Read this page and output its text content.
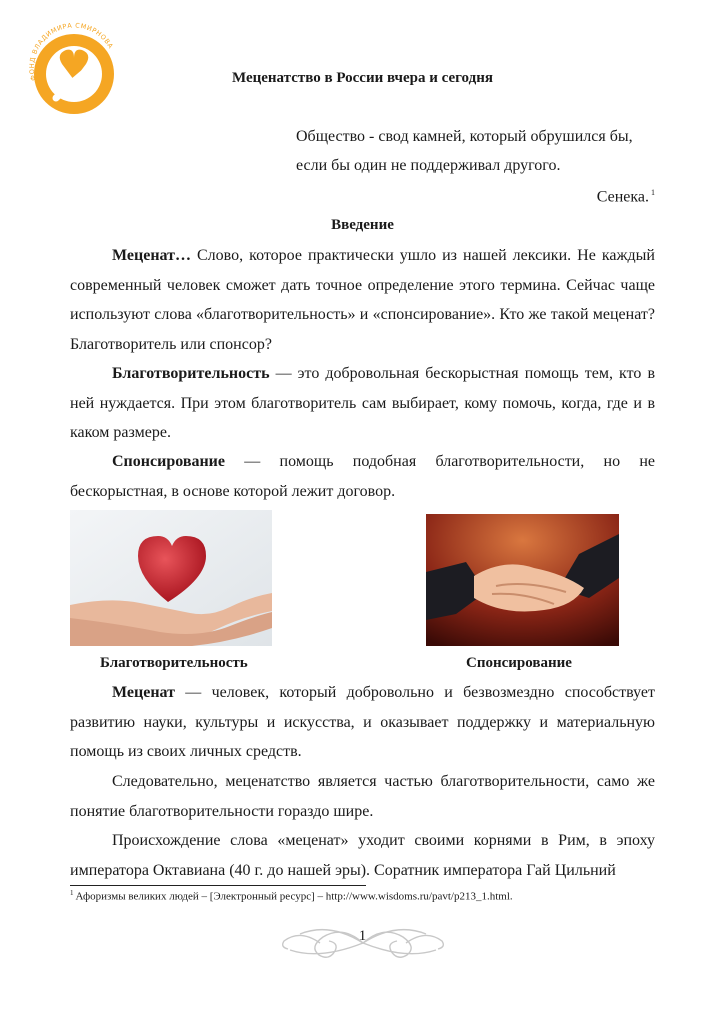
ФОНД ВЛАДИМИРА СМИРНОВА
Меценатство в России вчера и сегодня
Общество - свод камней, который обрушился бы,
если бы один не поддерживал другого.
Сенека. $^1$
Введение

Меценат… Слово, которое практически ушло из нашей лексики. Не каждый современный человек сможет дать точное определение этого термина. Сейчас чаще используют слова «благотворительность» и «спонсирование». Кто же такой меценат? Благотворитель или спонсор?

Благотворительность — это добровольная бескорыстная помощь тем, кто в ней нуждается. При этом благотворитель сам выбирает, кому помочь, когда, где и в каком размере.

Спонсирование — помощь подобная благотворительности, но не бескорыстная, в основе которой лежит договор.

Благотворительность	Спонсирование

Меценат — человек, который добровольно и безвозмездно способствует развитию науки, культуры и искусства, и оказывает поддержку и материальную помощь из своих личных средств.

Следовательно, меценатство является частью благотворительности, само же понятие благотворительности гораздо шире.

Происхождение слова «меценат» уходит своими корнями в Рим, в эпоху императора Октавиана (40 г. до нашей эры). Соратник императора Гай Цильний

$^1$ Афоризмы великих людей – [Электронный ресурс] – http://www.wisdoms.ru/pavt/p213_1.html.
1
